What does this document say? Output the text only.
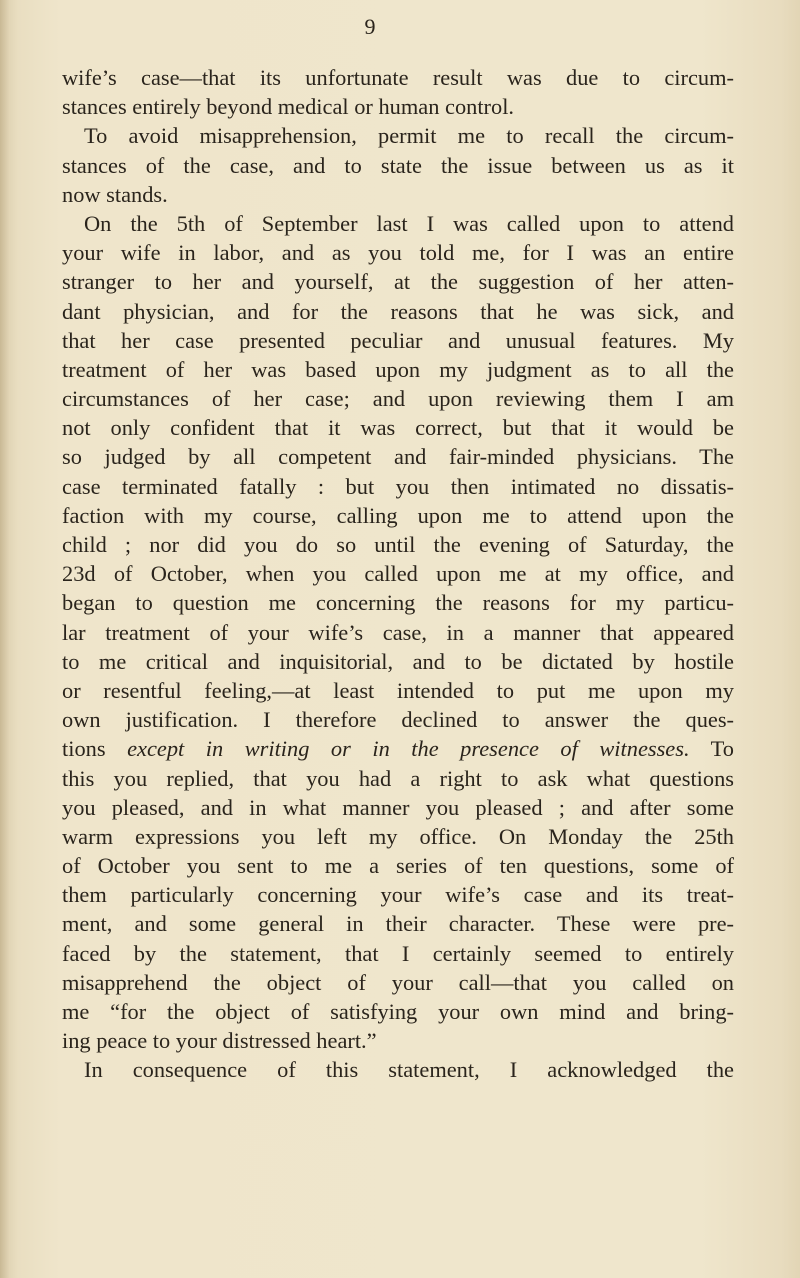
9
wife’s case—that its unfortunate result was due to circum-
stances entirely beyond medical or human control.
To avoid misapprehension, permit me to recall the circum-
stances of the case, and to state the issue between us as it
now stands.
On the 5th of September last I was called upon to attend
your wife in labor, and as you told me, for I was an entire
stranger to her and yourself, at the suggestion of her atten-
dant physician, and for the reasons that he was sick, and
that her case presented peculiar and unusual features. My
treatment of her was based upon my judgment as to all the
circumstances of her case; and upon reviewing them I am
not only confident that it was correct, but that it would be
so judged by all competent and fair-minded physicians. The
case terminated fatally : but you then intimated no dissatis-
faction with my course, calling upon me to attend upon the
child ; nor did you do so until the evening of Saturday, the
23d of October, when you called upon me at my office, and
began to question me concerning the reasons for my particu-
lar treatment of your wife’s case, in a manner that appeared
to me critical and inquisitorial, and to be dictated by hostile
or resentful feeling,—at least intended to put me upon my
own justification. I therefore declined to answer the ques-
tions except in writing or in the presence of witnesses. To
this you replied, that you had a right to ask what questions
you pleased, and in what manner you pleased ; and after some
warm expressions you left my office. On Monday the 25th
of October you sent to me a series of ten questions, some of
them particularly concerning your wife’s case and its treat-
ment, and some general in their character. These were pre-
faced by the statement, that I certainly seemed to entirely
misapprehend the object of your call—that you called on
me “for the object of satisfying your own mind and bring-
ing peace to your distressed heart.”
In consequence of this statement, I acknowledged the
